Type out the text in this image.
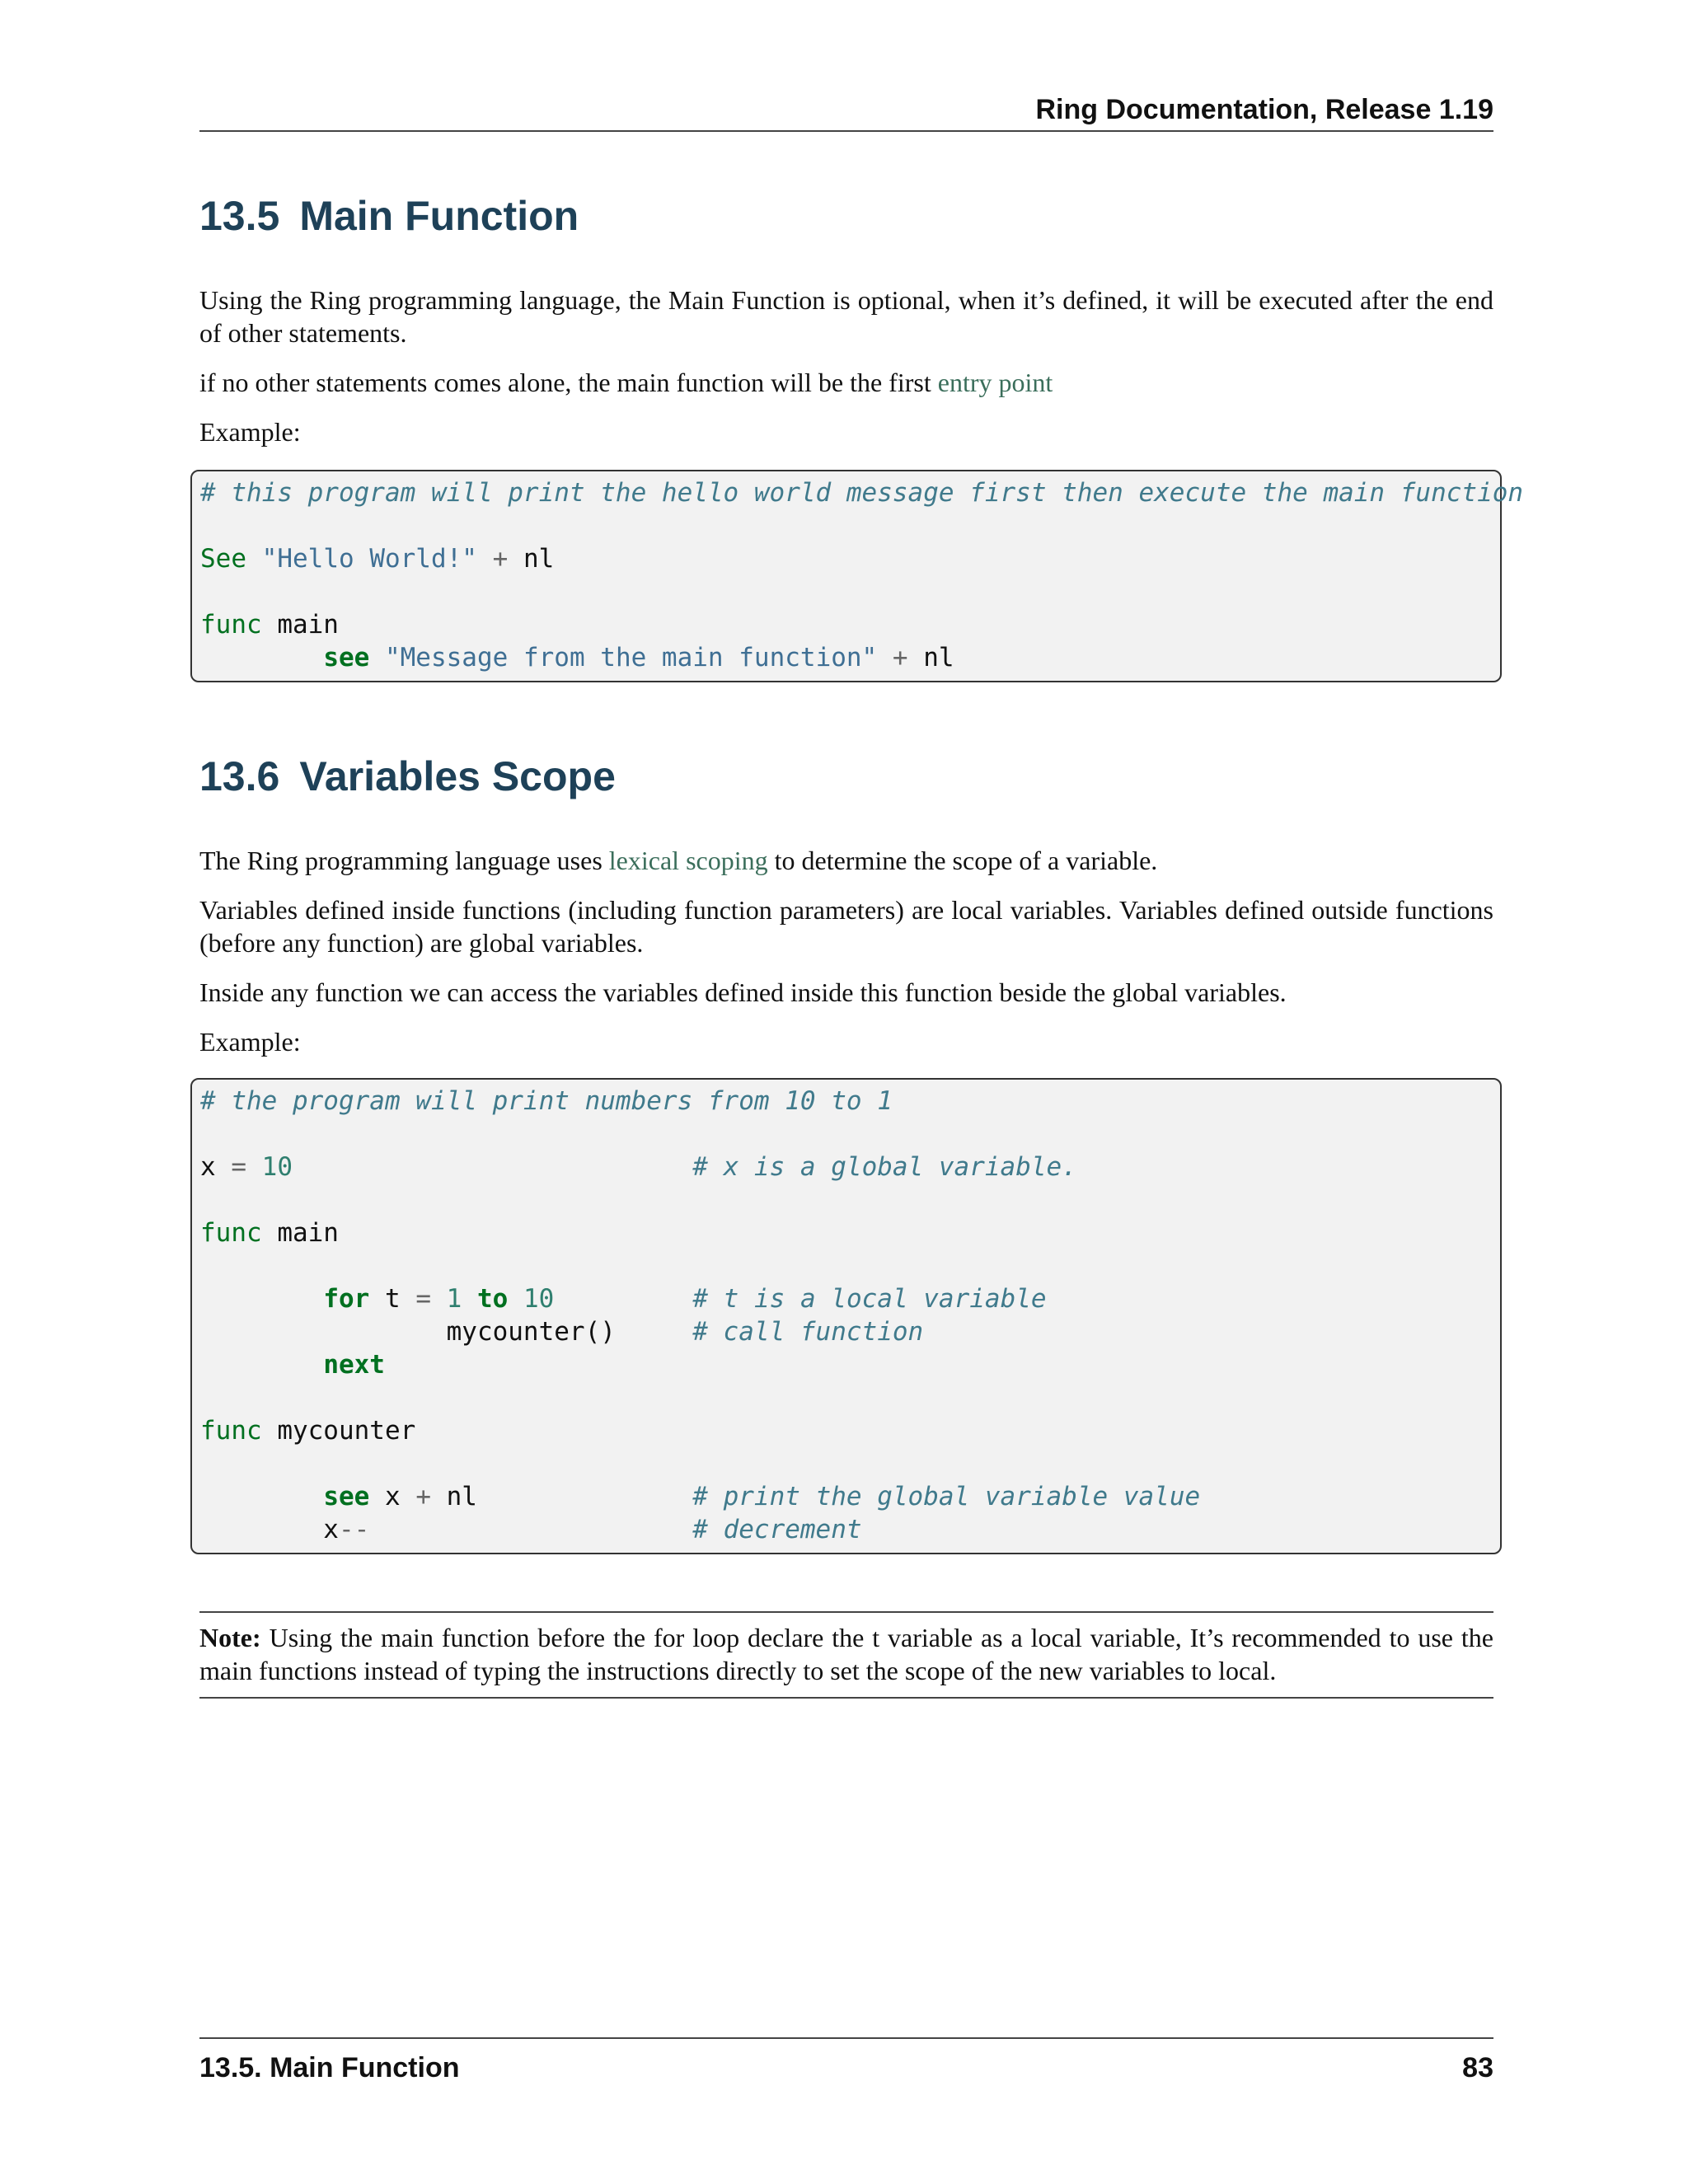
Ring Documentation, Release 1.19
13.5 Main Function

Using the Ring programming language, the Main Function is optional, when it’s defined, it will be executed after the end of other statements.

if no other statements comes alone, the main function will be the first entry point

Example:

# this program will print the hello world message first then execute the main function

See "Hello World!" + nl

func main
see "Message from the main function" + nl
13.6 Variables Scope

The Ring programming language uses lexical scoping to determine the scope of a variable.

Variables defined inside functions (including function parameters) are local variables. Variables defined outside functions (before any function) are global variables.

Inside any function we can access the variables defined inside this function beside the global variables.

Example:

# the program will print numbers from 10 to 1

x = 10	# x is a global variable.

func main

for t = 1 to 10	# t is a local variable
mycounter()     # call function
next

func mycounter

see x + nl              # print the global variable value
x--	# decrement
Note: Using the main function before the for loop declare the t variable as a local variable, It’s recommended to use the main functions instead of typing the instructions directly to set the scope of the new variables to local.
13.5. Main Function	83
